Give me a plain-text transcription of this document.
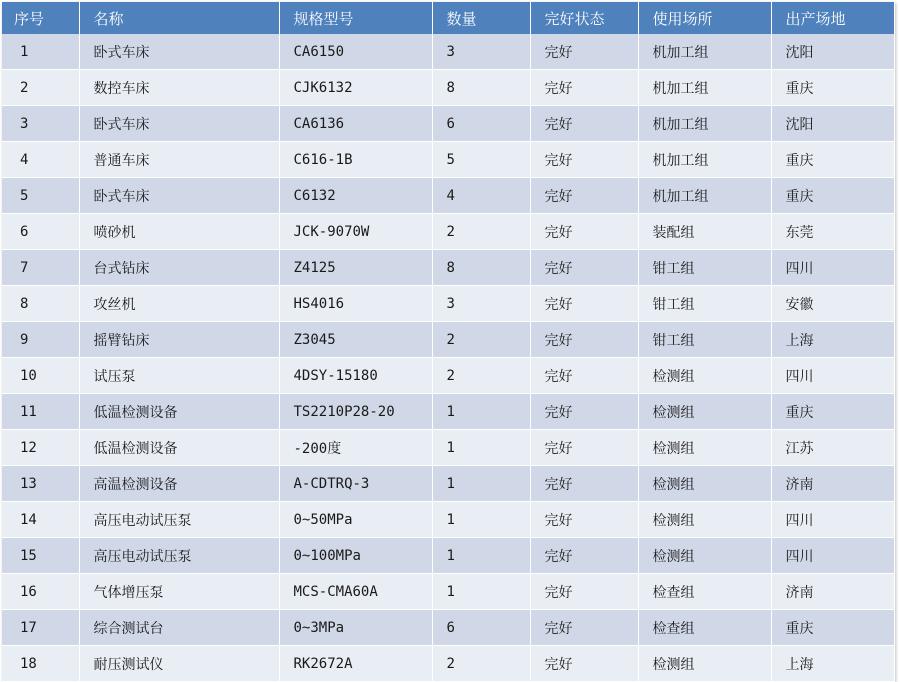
序号	名称	规格型号	数量	完好状态	使用场所	出产场地
1	卧式车床	CA6150	3	完好	机加工组	沈阳
2	数控车床	CJK6132	8	完好	机加工组	重庆
3	卧式车床	CA6136	6	完好	机加工组	沈阳
4	普通车床	C616-1B	5	完好	机加工组	重庆
5	卧式车床	C6132	4	完好	机加工组	重庆
6	喷砂机	JCK-9070W	2	完好	装配组	东莞
7	台式钻床	Z4125	8	完好	钳工组	四川
8	攻丝机	HS4016	3	完好	钳工组	安徽
9	摇臂钻床	Z3045	2	完好	钳工组	上海
10	试压泵	4DSY-15180	2	完好	检测组	四川
11	低温检测设备	TS2210P28-20	1	完好	检测组	重庆
12	低温检测设备	-200度	1	完好	检测组	江苏
13	高温检测设备	A-CDTRQ-3	1	完好	检测组	济南
14	高压电动试压泵	0~50MPa	1	完好	检测组	四川
15	高压电动试压泵	0~100MPa	1	完好	检测组	四川
16	气体增压泵	MCS-CMA60A	1	完好	检查组	济南
17	综合测试台	0~3MPa	6	完好	检查组	重庆
18	耐压测试仪	RK2672A	2	完好	检测组	上海
